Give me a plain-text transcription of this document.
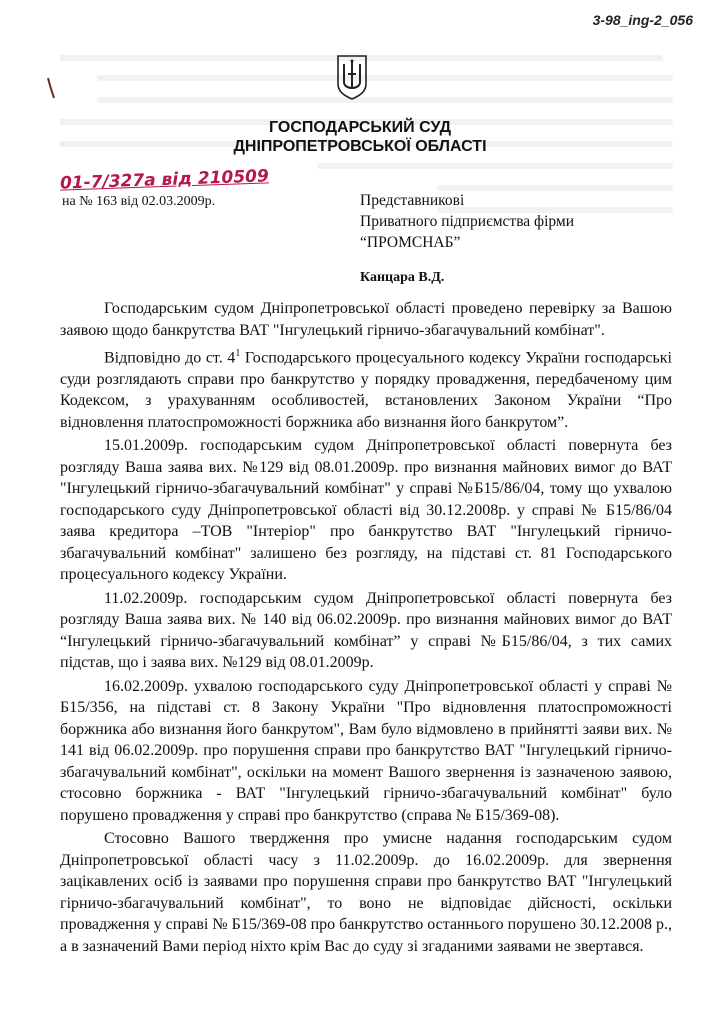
3-98_ing-2_056
ГОСПОДАРСЬКИЙ СУД
ДНІПРОПЕТРОВСЬКОЇ ОБЛАСТІ
01-7/327а від 210509
на № 163 від 02.03.2009р.	Представникові
Приватного підприємства фірми
“ПРОМСНАБ”
Канцара В.Д.

Господарським судом Дніпропетровської області проведено перевірку за Вашою заявою щодо банкрутства ВАТ "Інгулецький гірничо-збагачувальний комбінат".

Відповідно до ст. $4^1$ Господарського процесуального кодексу України господарські суди розглядають справи про банкрутство у порядку провадження, передбаченому цим Кодексом, з урахуванням особливостей, встановлених Законом України “Про відновлення платоспроможності боржника або визнання його банкрутом”.

15.01.2009р. господарським судом Дніпропетровської області повернута без розгляду Ваша заява вих. №129 від 08.01.2009р. про визнання майнових вимог до ВАТ "Інгулецький гірничо-збагачувальний комбінат" у справі №Б15/86/04, тому що ухвалою господарського суду Дніпропетровської області від 30.12.2008р. у справі № Б15/86/04 заява кредитора –ТОВ "Інтеріор" про банкрутство ВАТ "Інгулецький гірничо-збагачувальний комбінат" залишено без розгляду, на підставі ст. 81 Господарського процесуального кодексу України.

11.02.2009р. господарським судом Дніпропетровської області повернута без розгляду Ваша заява вих. № 140 від 06.02.2009р. про визнання майнових вимог до ВАТ “Інгулецький гірничо-збагачувальний комбінат” у справі №Б15/86/04, з тих самих підстав, що і заява вих. №129 від 08.01.2009р.

16.02.2009р. ухвалою господарського суду Дніпропетровської області у справі № Б15/356, на підставі ст. 8 Закону України "Про відновлення платоспроможності боржника або визнання його банкрутом", Вам було відмовлено в прийнятті заяви вих. № 141 від 06.02.2009р. про порушення справи про банкрутство ВАТ "Інгулецький гірничо-збагачувальний комбінат", оскільки на момент Вашого звернення із зазначеною заявою, стосовно боржника - ВАТ "Інгулецький гірничо-збагачувальний комбінат" було порушено провадження у справі про банкрутство (справа № Б15/369-08).

Стосовно Вашого твердження про умисне надання господарським судом Дніпропетровської області часу з 11.02.2009р. до 16.02.2009р. для звернення зацікавлених осіб із заявами про порушення справи про банкрутство ВАТ "Інгулецький гірничо-збагачувальний комбінат", то воно не відповідає дійсності, оскільки провадження у справі № Б15/369-08 про банкрутство останнього порушено 30.12.2008 р., а в зазначений Вами період ніхто крім Вас до суду зі згаданими заявами не звертався.
